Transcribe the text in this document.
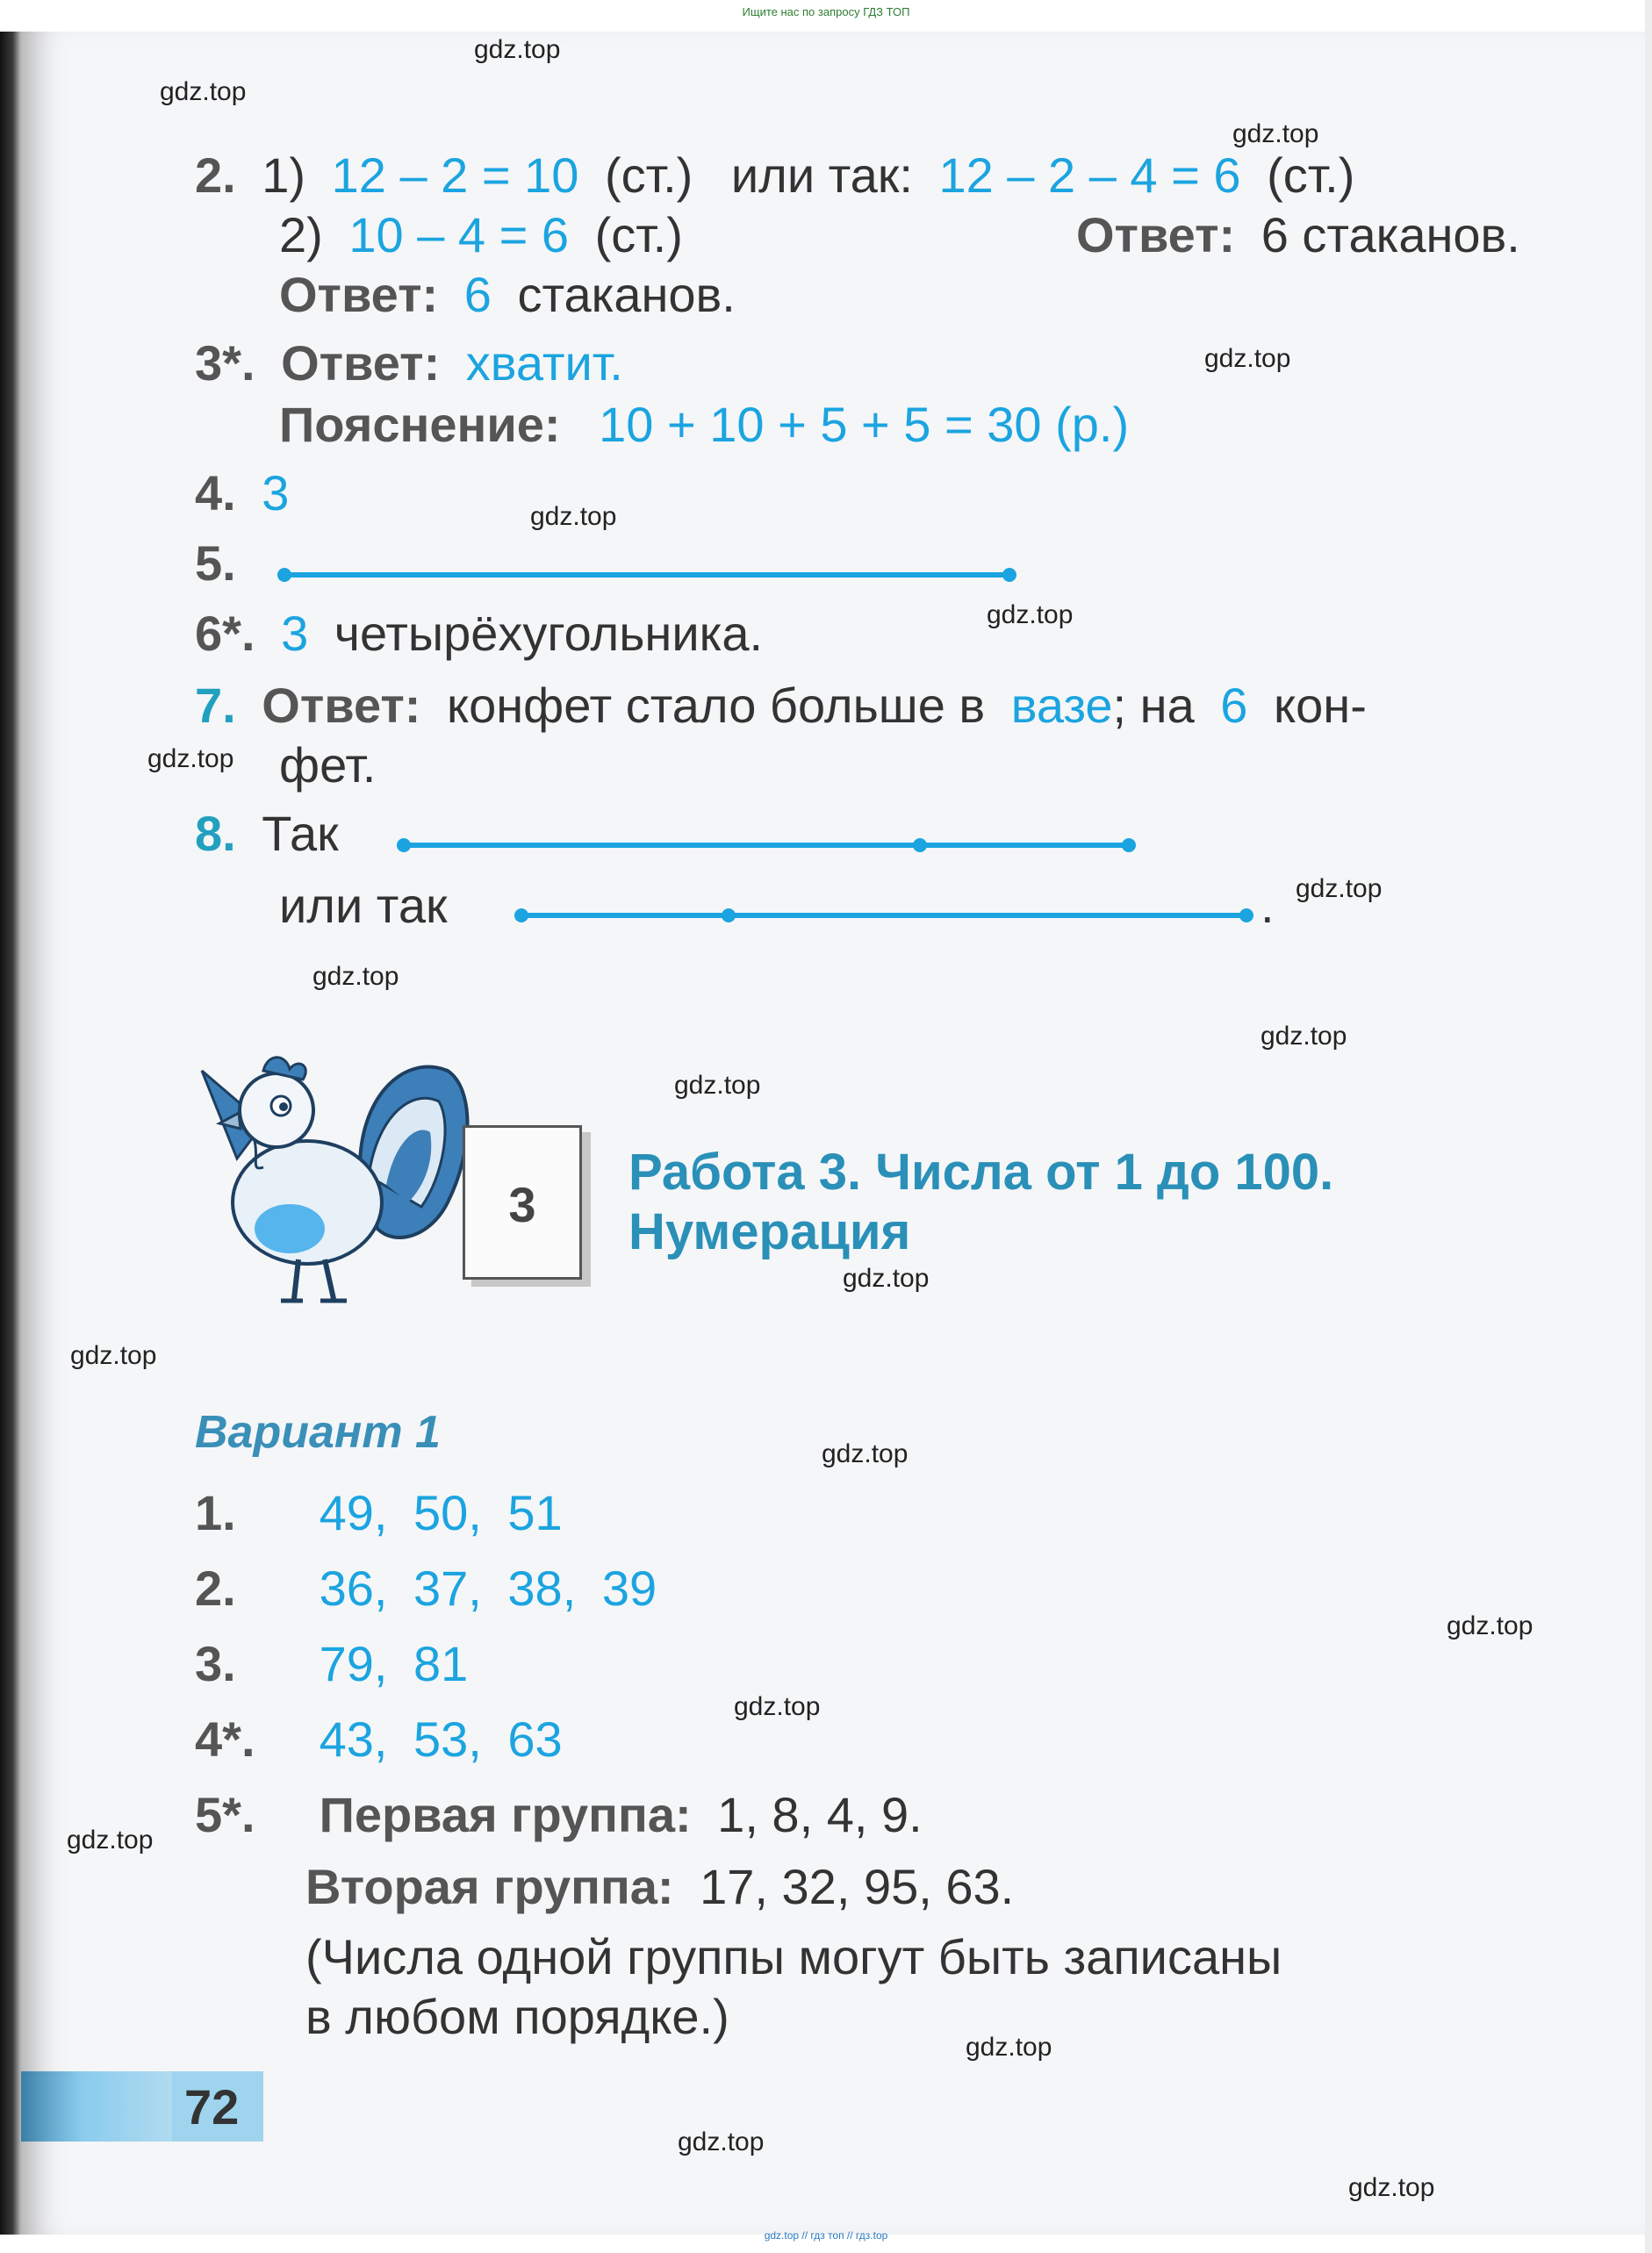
Ищите нас по запросу ГДЗ ТОП
2. 1) 12 – 2 = 10 (ст.) или так: 12 – 2 – 4 = 6 (ст.)
2) 10 – 4 = 6 (ст.)	Ответ: 6 стаканов.
Ответ: 6 стаканов.
3*. Ответ: хватит.
Пояснение: 10 + 10 + 5 + 5 = 30 (р.)
4. 3
5.
6*. 3 четырёхугольника.
7. Ответ: конфет стало больше в вазе; на 6 кон-
фет.
8. Так
или так	.
3
Работа 3. Числа от 1 до 100.
Нумерация
Вариант 1
1. 49, 50, 51
2. 36, 37, 38, 39
3. 79, 81
4*. 43, 53, 63
5*. Первая группа: 1, 8, 4, 9.
Вторая группа: 17, 32, 95, 63.
(Числа одной группы могут быть записаны
в любом порядке.)
72
gdz.top
gdz.top
gdz.top
gdz.top
gdz.top
gdz.top
gdz.top
gdz.top
gdz.top
gdz.top
gdz.top
gdz.top
gdz.top
gdz.top
gdz.top
gdz.top
gdz.top
gdz.top
gdz.top
gdz.top
gdz.top // гдз топ // гдз.top
